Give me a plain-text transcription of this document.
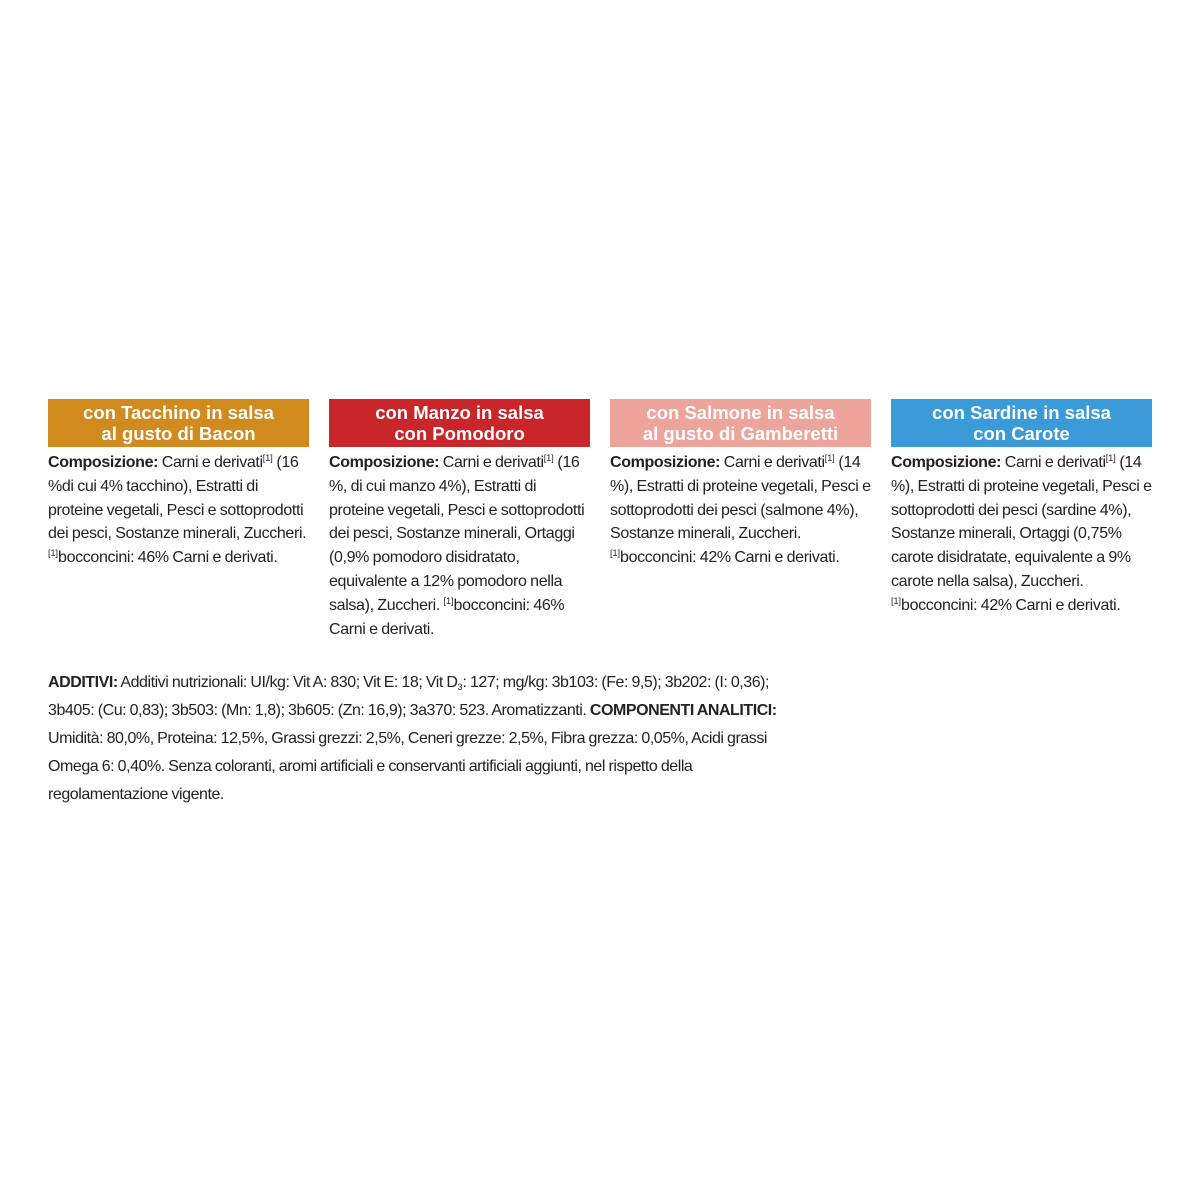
con Tacchino in salsa
al gusto di Bacon
Composizione: Carni e derivati[1] (16 %di cui 4% tacchino), Estratti di proteine vegetali, Pesci e sottoprodotti dei pesci, Sostanze minerali, Zuccheri. [1]bocconcini: 46% Carni e derivati.
con Manzo in salsa
con Pomodoro
Composizione: Carni e derivati[1] (16 %, di cui manzo 4%), Estratti di proteine vegetali, Pesci e sottoprodotti dei pesci, Sostanze minerali, Ortaggi (0,9% pomodoro disidratato, equivalente a 12% pomodoro nella salsa), Zuccheri. [1]bocconcini: 46% Carni e derivati.
con Salmone in salsa
al gusto di Gamberetti
Composizione: Carni e derivati[1] (14 %), Estratti di proteine vegetali, Pesci e sottoprodotti dei pesci (salmone 4%), Sostanze minerali, Zuccheri. [1]bocconcini: 42% Carni e derivati.
con Sardine in salsa
con Carote
Composizione: Carni e derivati[1] (14 %), Estratti di proteine vegetali, Pesci e sottoprodotti dei pesci (sardine 4%), Sostanze minerali, Ortaggi (0,75% carote disidratate, equivalente a 9% carote nella salsa), Zuccheri. [1]bocconcini: 42% Carni e derivati.
ADDITIVI: Additivi nutrizionali: UI/kg: Vit A: 830; Vit E: 18; Vit $D_3$: 127; mg/kg: 3b103: (Fe: 9,5); 3b202: (I: 0,36); 3b405: (Cu: 0,83); 3b503: (Mn: 1,8); 3b605: (Zn: 16,9); 3a370: 523. Aromatizzanti. COMPONENTI ANALITICI: Umidità: 80,0%, Proteina: 12,5%, Grassi grezzi: 2,5%, Ceneri grezze: 2,5%, Fibra grezza: 0,05%, Acidi grassi Omega 6: 0,40%. Senza coloranti, aromi artificiali e conservanti artificiali aggiunti, nel rispetto della regolamentazione vigente.
